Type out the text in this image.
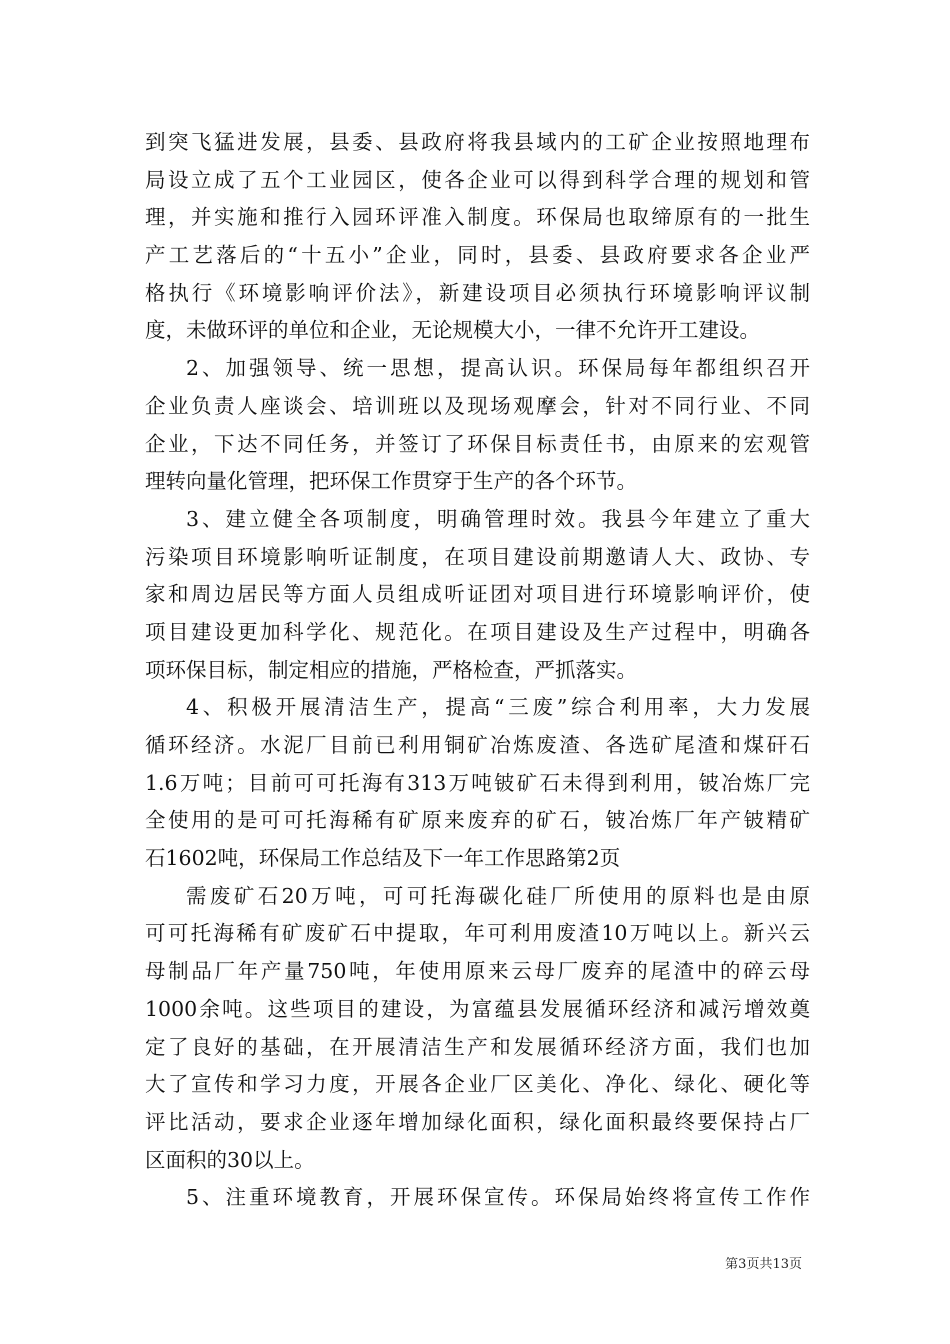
到突飞猛进发展，县委、县政府将我县域内的工矿企业按照地理布
局设立成了五个工业园区，使各企业可以得到科学合理的规划和管
理，并实施和推行入园环评准入制度。环保局也取缔原有的一批生
产工艺落后的“十五小”企业，同时，县委、县政府要求各企业严
格执行《环境影响评价法》，新建设项目必须执行环境影响评议制
度，未做环评的单位和企业，无论规模大小，一律不允许开工建设。
2、加强领导、统一思想，提高认识。环保局每年都组织召开
企业负责人座谈会、培训班以及现场观摩会，针对不同行业、不同
企业，下达不同任务，并签订了环保目标责任书，由原来的宏观管
理转向量化管理，把环保工作贯穿于生产的各个环节。
3、建立健全各项制度，明确管理时效。我县今年建立了重大
污染项目环境影响听证制度，在项目建设前期邀请人大、政协、专
家和周边居民等方面人员组成听证团对项目进行环境影响评价，使
项目建设更加科学化、规范化。在项目建设及生产过程中，明确各
项环保目标，制定相应的措施，严格检查，严抓落实。
4、积极开展清洁生产，提高“三废”综合利用率，大力发展
循环经济。水泥厂目前已利用铜矿冶炼废渣、各选矿尾渣和煤矸石
1.6万吨；目前可可托海有313万吨铍矿石未得到利用，铍冶炼厂完
全使用的是可可托海稀有矿原来废弃的矿石，铍冶炼厂年产铍精矿
石1602吨，环保局工作总结及下一年工作思路第2页
需废矿石20万吨，可可托海碳化硅厂所使用的原料也是由原
可可托海稀有矿废矿石中提取，年可利用废渣10万吨以上。新兴云
母制品厂年产量750吨，年使用原来云母厂废弃的尾渣中的碎云母
1000余吨。这些项目的建设，为富蕴县发展循环经济和减污增效奠
定了良好的基础，在开展清洁生产和发展循环经济方面，我们也加
大了宣传和学习力度，开展各企业厂区美化、净化、绿化、硬化等
评比活动，要求企业逐年增加绿化面积，绿化面积最终要保持占厂
区面积的30以上。
5、注重环境教育，开展环保宣传。环保局始终将宣传工作作
第3页共13页
